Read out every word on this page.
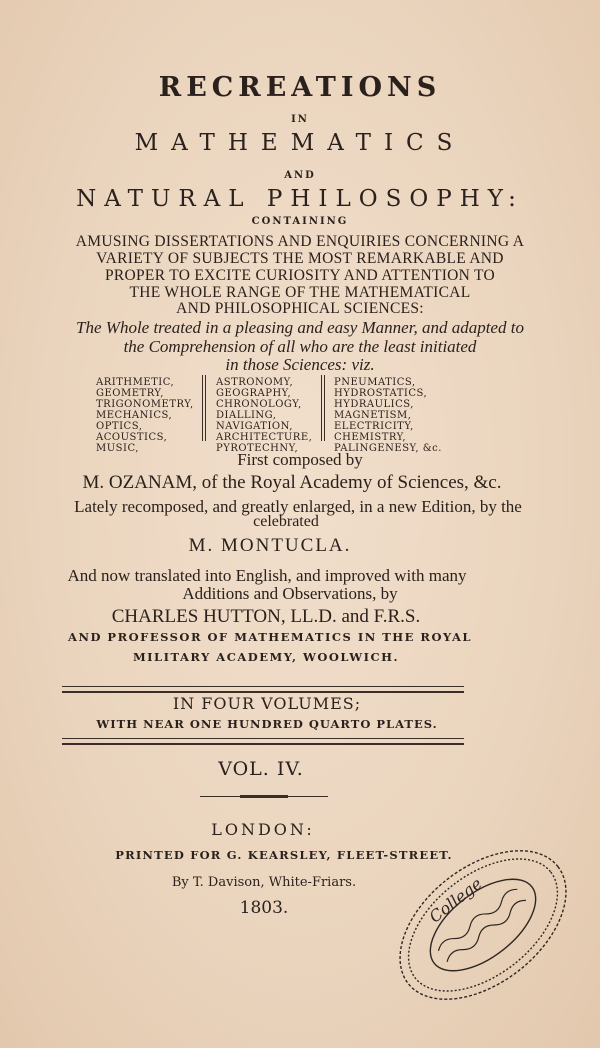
RECREATIONS

IN

MATHEMATICS

AND

NATURAL PHILOSOPHY:

CONTAINING

AMUSING DISSERTATIONS AND ENQUIRIES CONCERNING A

VARIETY OF SUBJECTS THE MOST REMARKABLE AND

PROPER TO EXCITE CURIOSITY AND ATTENTION TO

THE WHOLE RANGE OF THE MATHEMATICAL

AND PHILOSOPHICAL SCIENCES:

The Whole treated in a pleasing and easy Manner, and adapted to

the Comprehension of all who are the least initiated

in those Sciences: viz.

ARITHMETIC,
GEOMETRY,
TRIGONOMETRY,
MECHANICS,
OPTICS,
ACOUSTICS,
MUSIC,
ASTRONOMY,
GEOGRAPHY,
CHRONOLOGY,
DIALLING,
NAVIGATION,
ARCHITECTURE,
PYROTECHNY,
PNEUMATICS,
HYDROSTATICS,
HYDRAULICS,
MAGNETISM,
ELECTRICITY,
CHEMISTRY,
PALINGENESY, &c.

First composed by

M. OZANAM, of the Royal Academy of Sciences, &c.

Lately recomposed, and greatly enlarged, in a new Edition, by the

celebrated

M. MONTUCLA.

And now translated into English, and improved with many

Additions and Observations, by

CHARLES HUTTON, LL.D. and F.R.S.

AND PROFESSOR OF MATHEMATICS IN THE ROYAL

MILITARY ACADEMY, WOOLWICH.

IN FOUR VOLUMES;

WITH NEAR ONE HUNDRED QUARTO PLATES.

VOL. IV.

LONDON:

PRINTED FOR G. KEARSLEY, FLEET-STREET.

By T. Davison, White-Friars.

1803.	College
